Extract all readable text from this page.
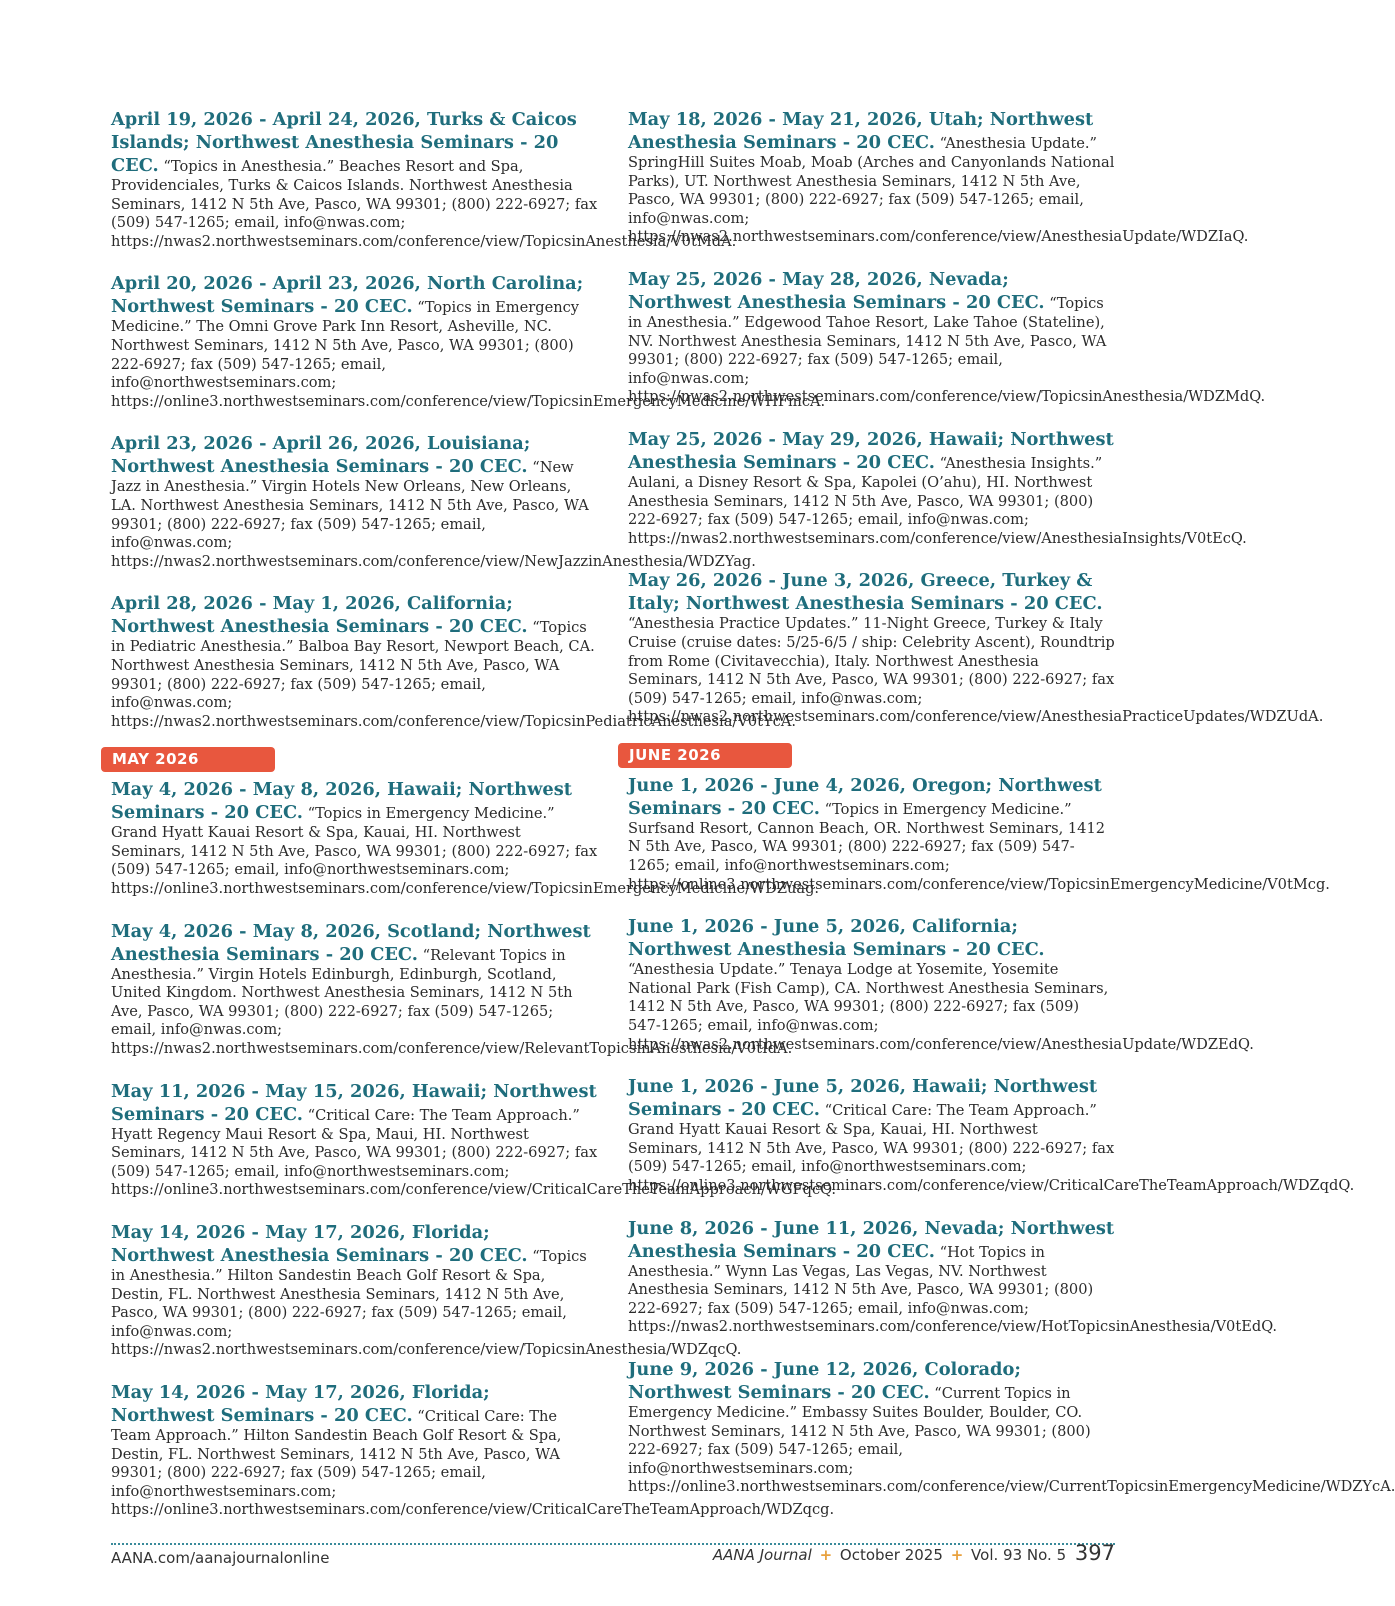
April 19, 2026 - April 24, 2026, Turks & Caicos Islands; Northwest Anesthesia Seminars - 20 CEC. “Topics in Anesthesia.” Beaches Resort and Spa, Providenciales, Turks & Caicos Islands. Northwest Anesthesia Seminars, 1412 N 5th Ave, Pasco, WA 99301; (800) 222-6927; fax (509) 547-1265; email, info@nwas.com; https://nwas2.northwestseminars.com/conference/view/TopicsinAnesthesia/V0tMdA.
April 20, 2026 - April 23, 2026, North Carolina; Northwest Seminars - 20 CEC. “Topics in Emergency Medicine.” The Omni Grove Park Inn Resort, Asheville, NC. Northwest Seminars, 1412 N 5th Ave, Pasco, WA 99301; (800) 222-6927; fax (509) 547-1265; email, info@northwestseminars.com; https://online3.northwestseminars.com/conference/view/TopicsinEmergencyMedicine/WHFmcA.
April 23, 2026 - April 26, 2026, Louisiana; Northwest Anesthesia Seminars - 20 CEC. “New Jazz in Anesthesia.” Virgin Hotels New Orleans, New Orleans, LA. Northwest Anesthesia Seminars, 1412 N 5th Ave, Pasco, WA 99301; (800) 222-6927; fax (509) 547-1265; email, info@nwas.com; https://nwas2.northwestseminars.com/conference/view/NewJazzinAnesthesia/WDZYag.
April 28, 2026 - May 1, 2026, California; Northwest Anesthesia Seminars - 20 CEC. “Topics in Pediatric Anesthesia.” Balboa Bay Resort, Newport Beach, CA. Northwest Anesthesia Seminars, 1412 N 5th Ave, Pasco, WA 99301; (800) 222-6927; fax (509) 547-1265; email, info@nwas.com; https://nwas2.northwestseminars.com/conference/view/TopicsinPediatricAnesthesia/V0tYcA.
MAY 2026
May 4, 2026 - May 8, 2026, Hawaii; Northwest Seminars - 20 CEC. “Topics in Emergency Medicine.” Grand Hyatt Kauai Resort & Spa, Kauai, HI. Northwest Seminars, 1412 N 5th Ave, Pasco, WA 99301; (800) 222-6927; fax (509) 547-1265; email, info@northwestseminars.com; https://online3.northwestseminars.com/conference/view/TopicsinEmergencyMedicine/WDZuag.
May 4, 2026 - May 8, 2026, Scotland; Northwest Anesthesia Seminars - 20 CEC. “Relevant Topics in Anesthesia.” Virgin Hotels Edinburgh, Edinburgh, Scotland, United Kingdom. Northwest Anesthesia Seminars, 1412 N 5th Ave, Pasco, WA 99301; (800) 222-6927; fax (509) 547-1265; email, info@nwas.com; https://nwas2.northwestseminars.com/conference/view/RelevantTopicsinAnesthesia/V0tIdA.
May 11, 2026 - May 15, 2026, Hawaii; Northwest Seminars - 20 CEC. “Critical Care: The Team Approach.” Hyatt Regency Maui Resort & Spa, Maui, HI. Northwest Seminars, 1412 N 5th Ave, Pasco, WA 99301; (800) 222-6927; fax (509) 547-1265; email, info@northwestseminars.com; https://online3.northwestseminars.com/conference/view/CriticalCareTheTeamApproach/WGFqcQ.
May 14, 2026 - May 17, 2026, Florida; Northwest Anesthesia Seminars - 20 CEC. “Topics in Anesthesia.” Hilton Sandestin Beach Golf Resort & Spa, Destin, FL. Northwest Anesthesia Seminars, 1412 N 5th Ave, Pasco, WA 99301; (800) 222-6927; fax (509) 547-1265; email, info@nwas.com; https://nwas2.northwestseminars.com/conference/view/TopicsinAnesthesia/WDZqcQ.
May 14, 2026 - May 17, 2026, Florida; Northwest Seminars - 20 CEC. “Critical Care: The Team Approach.” Hilton Sandestin Beach Golf Resort & Spa, Destin, FL. Northwest Seminars, 1412 N 5th Ave, Pasco, WA 99301; (800) 222-6927; fax (509) 547-1265; email, info@northwestseminars.com; https://online3.northwestseminars.com/conference/view/CriticalCareTheTeamApproach/WDZqcg.
May 18, 2026 - May 21, 2026, Utah; Northwest Anesthesia Seminars - 20 CEC. “Anesthesia Update.” SpringHill Suites Moab, Moab (Arches and Canyonlands National Parks), UT. Northwest Anesthesia Seminars, 1412 N 5th Ave, Pasco, WA 99301; (800) 222-6927; fax (509) 547-1265; email, info@nwas.com; https://nwas2.northwestseminars.com/conference/view/AnesthesiaUpdate/WDZIaQ.
May 25, 2026 - May 28, 2026, Nevada; Northwest Anesthesia Seminars - 20 CEC. “Topics in Anesthesia.” Edgewood Tahoe Resort, Lake Tahoe (Stateline), NV. Northwest Anesthesia Seminars, 1412 N 5th Ave, Pasco, WA 99301; (800) 222-6927; fax (509) 547-1265; email, info@nwas.com; https://nwas2.northwestseminars.com/conference/view/TopicsinAnesthesia/WDZMdQ.
May 25, 2026 - May 29, 2026, Hawaii; Northwest Anesthesia Seminars - 20 CEC. “Anesthesia Insights.” Aulani, a Disney Resort & Spa, Kapolei (O’ahu), HI. Northwest Anesthesia Seminars, 1412 N 5th Ave, Pasco, WA 99301; (800) 222-6927; fax (509) 547-1265; email, info@nwas.com; https://nwas2.northwestseminars.com/conference/view/AnesthesiaInsights/V0tEcQ.
May 26, 2026 - June 3, 2026, Greece, Turkey & Italy; Northwest Anesthesia Seminars - 20 CEC. “Anesthesia Practice Updates.” 11-Night Greece, Turkey & Italy Cruise (cruise dates: 5/25-6/5 / ship: Celebrity Ascent), Roundtrip from Rome (Civitavecchia), Italy. Northwest Anesthesia Seminars, 1412 N 5th Ave, Pasco, WA 99301; (800) 222-6927; fax (509) 547-1265; email, info@nwas.com; https://nwas2.northwestseminars.com/conference/view/AnesthesiaPracticeUpdates/WDZUdA.
JUNE 2026
June 1, 2026 - June 4, 2026, Oregon; Northwest Seminars - 20 CEC. “Topics in Emergency Medicine.” Surfsand Resort, Cannon Beach, OR. Northwest Seminars, 1412 N 5th Ave, Pasco, WA 99301; (800) 222-6927; fax (509) 547-1265; email, info@northwestseminars.com; https://online3.northwestseminars.com/conference/view/TopicsinEmergencyMedicine/V0tMcg.
June 1, 2026 - June 5, 2026, California; Northwest Anesthesia Seminars - 20 CEC. “Anesthesia Update.” Tenaya Lodge at Yosemite, Yosemite National Park (Fish Camp), CA. Northwest Anesthesia Seminars, 1412 N 5th Ave, Pasco, WA 99301; (800) 222-6927; fax (509) 547-1265; email, info@nwas.com; https://nwas2.northwestseminars.com/conference/view/AnesthesiaUpdate/WDZEdQ.
June 1, 2026 - June 5, 2026, Hawaii; Northwest Seminars - 20 CEC. “Critical Care: The Team Approach.” Grand Hyatt Kauai Resort & Spa, Kauai, HI. Northwest Seminars, 1412 N 5th Ave, Pasco, WA 99301; (800) 222-6927; fax (509) 547-1265; email, info@northwestseminars.com; https://online3.northwestseminars.com/conference/view/CriticalCareTheTeamApproach/WDZqdQ.
June 8, 2026 - June 11, 2026, Nevada; Northwest Anesthesia Seminars - 20 CEC. “Hot Topics in Anesthesia.” Wynn Las Vegas, Las Vegas, NV. Northwest Anesthesia Seminars, 1412 N 5th Ave, Pasco, WA 99301; (800) 222-6927; fax (509) 547-1265; email, info@nwas.com; https://nwas2.northwestseminars.com/conference/view/HotTopicsinAnesthesia/V0tEdQ.
June 9, 2026 - June 12, 2026, Colorado; Northwest Seminars - 20 CEC. “Current Topics in Emergency Medicine.” Embassy Suites Boulder, Boulder, CO. Northwest Seminars, 1412 N 5th Ave, Pasco, WA 99301; (800) 222-6927; fax (509) 547-1265; email, info@northwestseminars.com; https://online3.northwestseminars.com/conference/view/CurrentTopicsinEmergencyMedicine/WDZYcA.
AANA.com/aanajournalonline	AANA Journal + October 2025 + Vol. 93 No. 5 397
